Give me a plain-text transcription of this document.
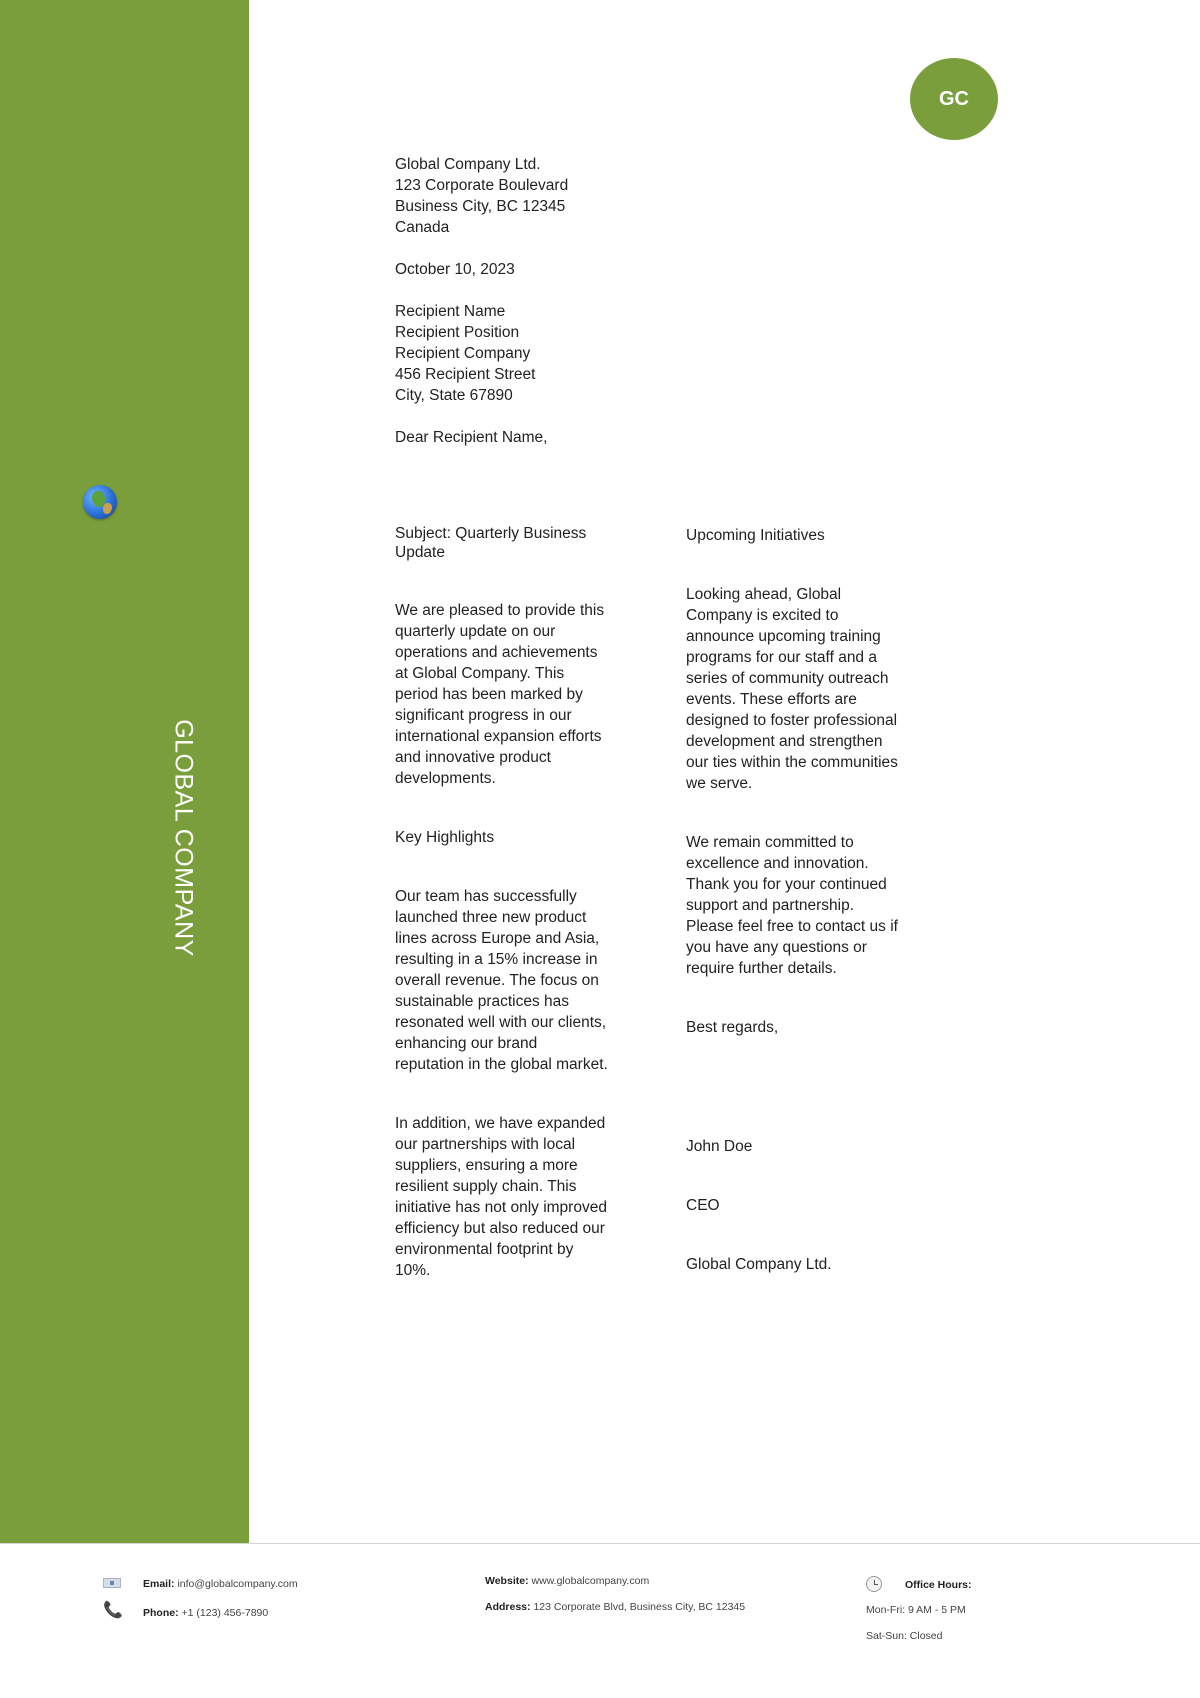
GLOBAL COMPANY
GC
Global Company Ltd.
123 Corporate Boulevard
Business City, BC 12345
Canada
October 10, 2023
Recipient Name
Recipient Position
Recipient Company
456 Recipient Street
City, State 67890
Dear Recipient Name,

Subject: Quarterly Business Update

We are pleased to provide this quarterly update on our operations and achievements at Global Company. This period has been marked by significant progress in our international expansion efforts and innovative product developments.

Key Highlights

Our team has successfully launched three new product lines across Europe and Asia, resulting in a 15% increase in overall revenue. The focus on sustainable practices has resonated well with our clients, enhancing our brand reputation in the global market.

In addition, we have expanded our partnerships with local suppliers, ensuring a more resilient supply chain. This initiative has not only improved efficiency but also reduced our environmental footprint by 10%.

Upcoming Initiatives

Looking ahead, Global Company is excited to announce upcoming training programs for our staff and a series of community outreach events. These efforts are designed to foster professional development and strengthen our ties within the communities we serve.

We remain committed to excellence and innovation. Thank you for your continued support and partnership. Please feel free to contact us if you have any questions or require further details.

Best regards,

John Doe

CEO

Global Company Ltd.

Email: info@globalcompany.com
📞 Phone: +1 (123) 456-7890
Website: www.globalcompany.com
Address: 123 Corporate Blvd, Business City, BC 12345
Office Hours:
Mon-Fri: 9 AM - 5 PM
Sat-Sun: Closed
